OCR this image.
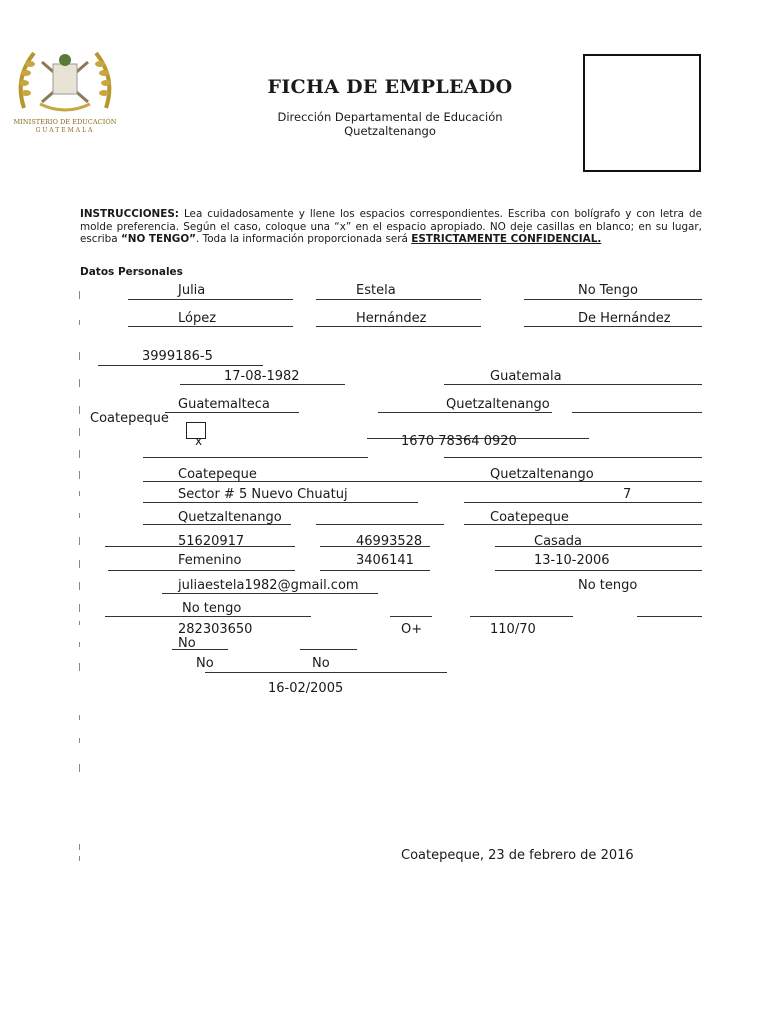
MINISTERIO DE EDUCACIÓN
GUATEMALA
FICHA DE EMPLEADO
Dirección Departamental de Educación
Quetzaltenango
INSTRUCCIONES: Lea cuidadosamente y llene los espacios correspondientes. Escriba con bolígrafo y con letra de molde preferencia. Según el caso, coloque una “x” en el espacio apropiado. NO deje casillas en blanco; en su lugar, escriba “NO TENGO”. Toda la información proporcionada será ESTRICTAMENTE CONFIDENCIAL.
Datos Personales
Julia	Estela	No Tengo
López	Hernández	De Hernández
3999186-5
17-08-1982	Guatemala
Guatemalteca	Quetzaltenango
Coatepeque
x	1670 78364 0920
Coatepeque	Quetzaltenango
Sector # 5 Nuevo Chuatuj	7
Quetzaltenango	Coatepeque
51620917	46993528	Casada
Femenino	3406141	13-10-2006
juliaestela1982@gmail.com	No tengo
No tengo
282303650	O+	110/70
No
No	No
16-02/2005
Coatepeque, 23 de febrero de 2016
